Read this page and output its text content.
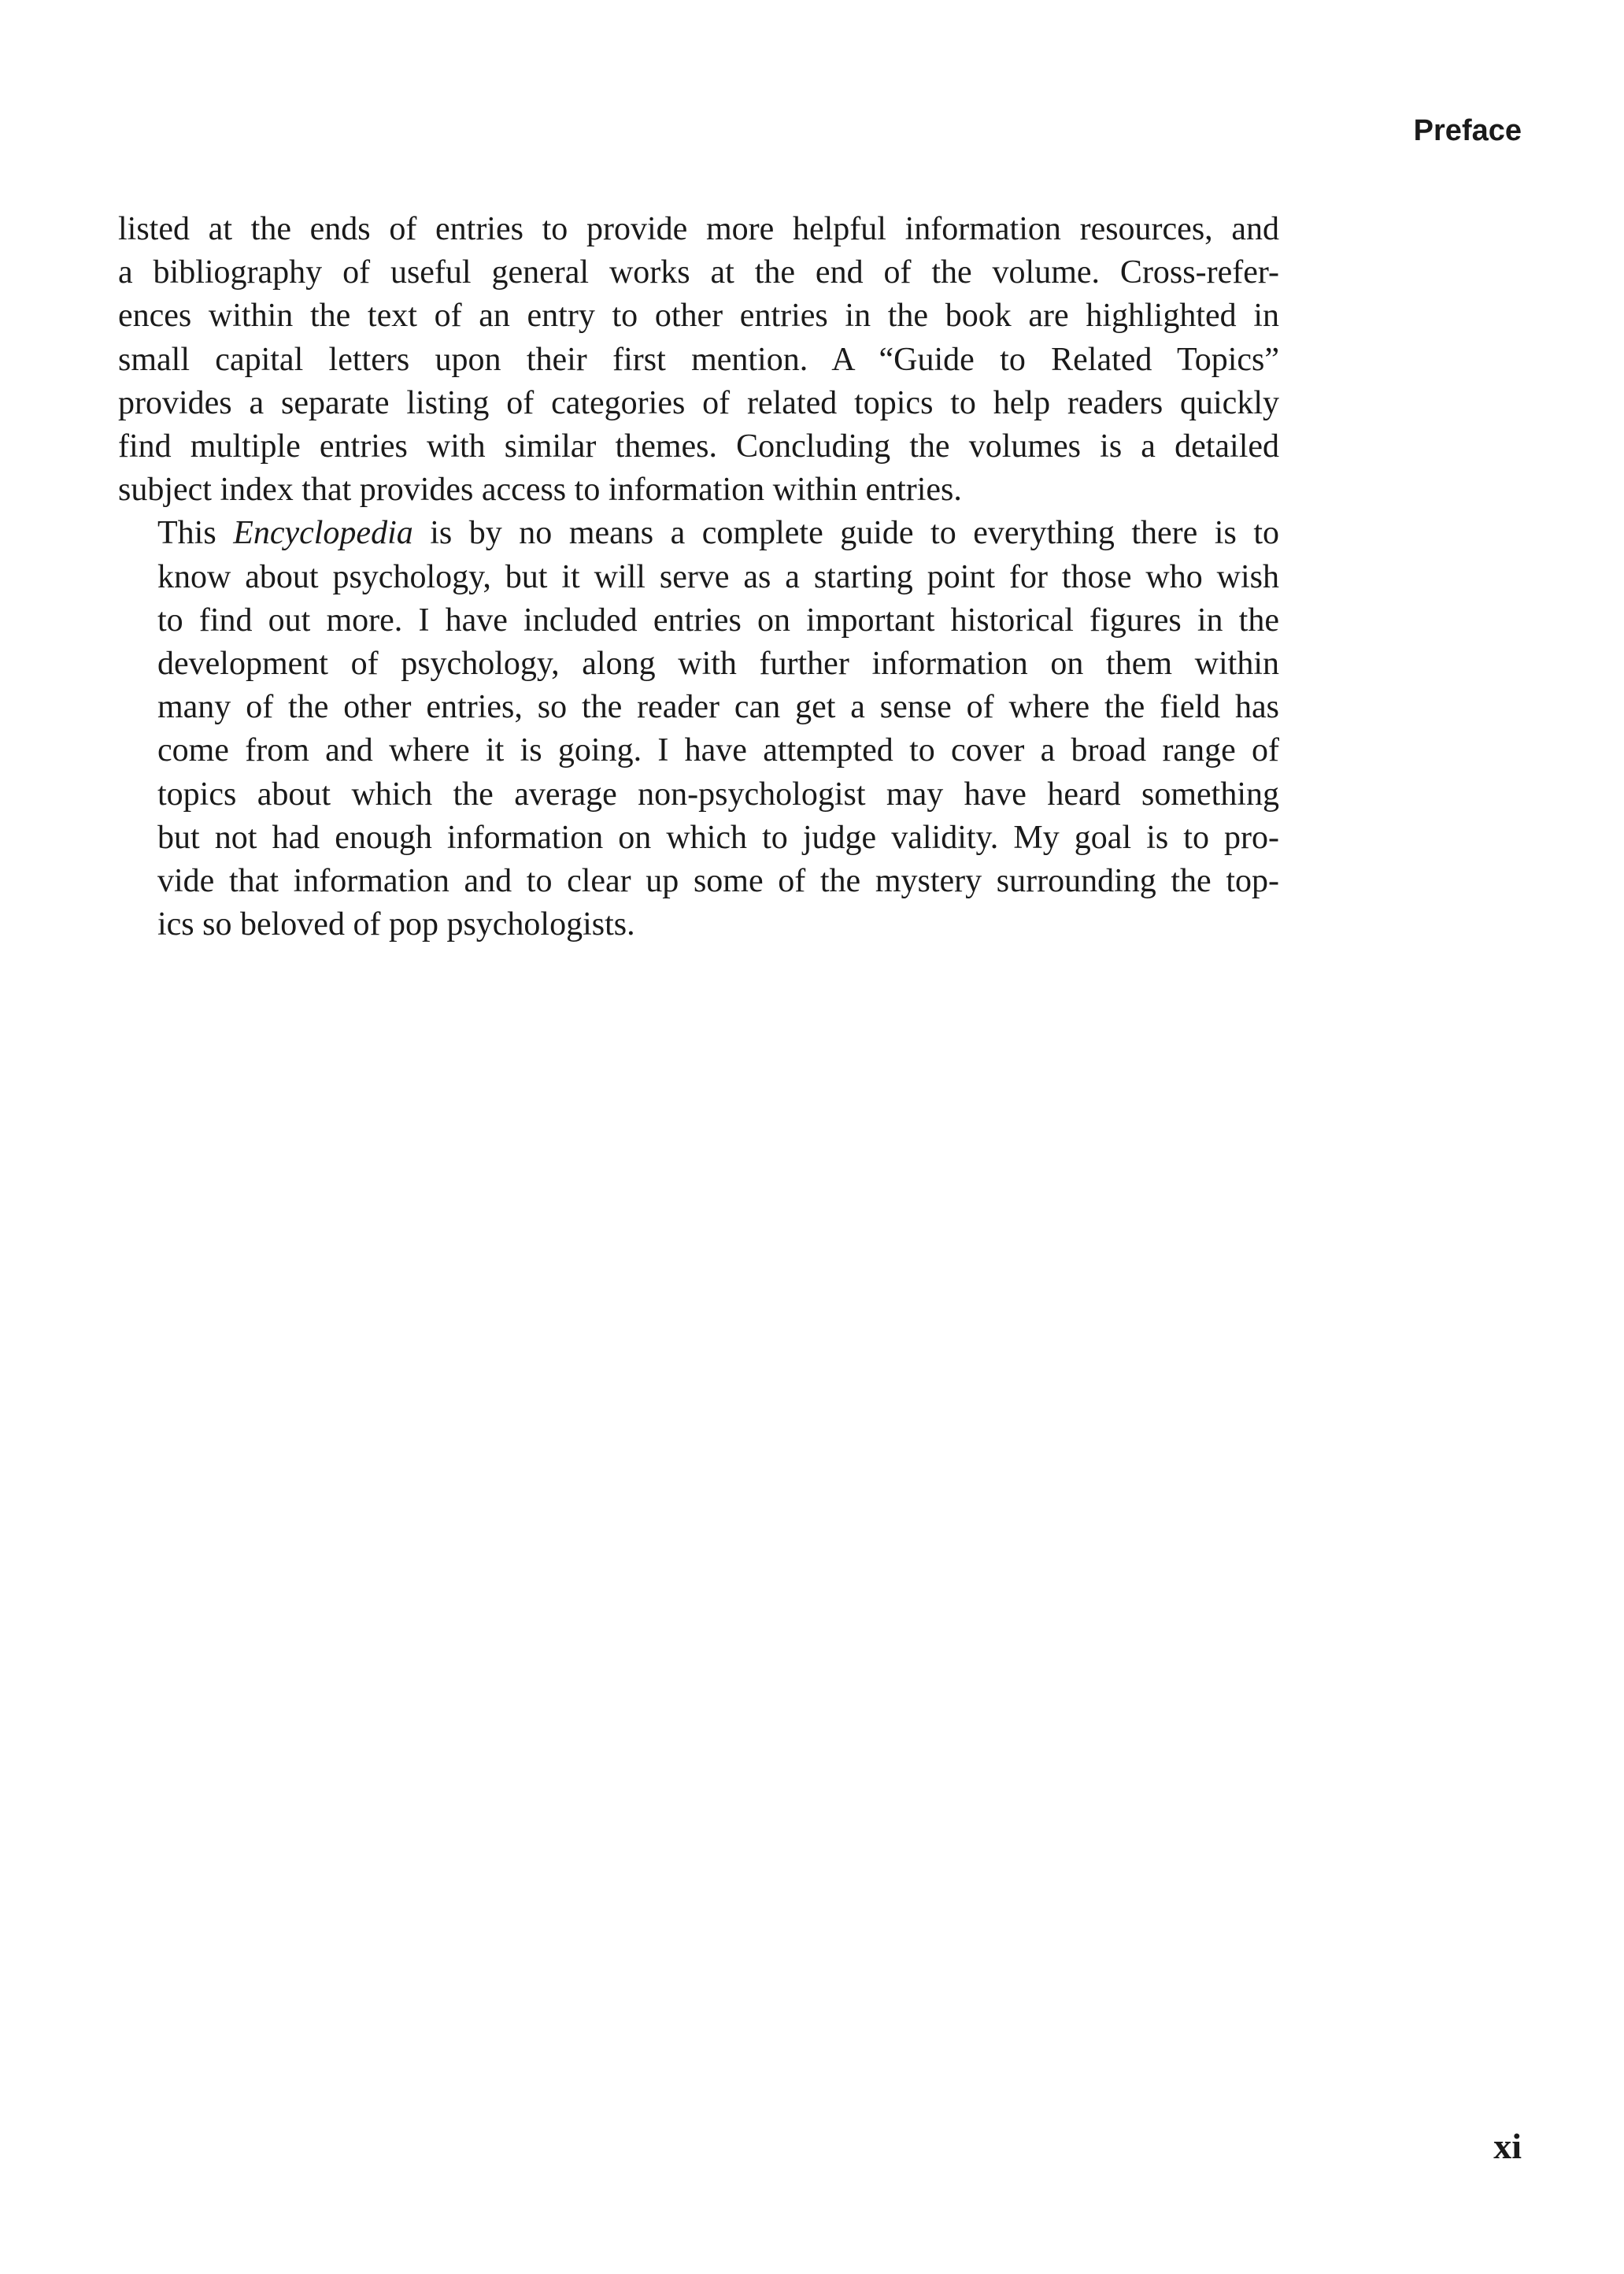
Preface

listed at the ends of entries to provide more helpful information resources, and
a bibliography of useful general works at the end of the volume. Cross-refer-
ences within the text of an entry to other entries in the book are highlighted in
small capital letters upon their first mention. A “Guide to Related Topics”
provides a separate listing of categories of related topics to help readers quickly
find multiple entries with similar themes. Concluding the volumes is a detailed
subject index that provides access to information within entries.

This Encyclopedia is by no means a complete guide to everything there is to
know about psychology, but it will serve as a starting point for those who wish
to find out more. I have included entries on important historical figures in the
development of psychology, along with further information on them within
many of the other entries, so the reader can get a sense of where the field has
come from and where it is going. I have attempted to cover a broad range of
topics about which the average non-psychologist may have heard something
but not had enough information on which to judge validity. My goal is to pro-
vide that information and to clear up some of the mystery surrounding the top-
ics so beloved of pop psychologists.

xi
